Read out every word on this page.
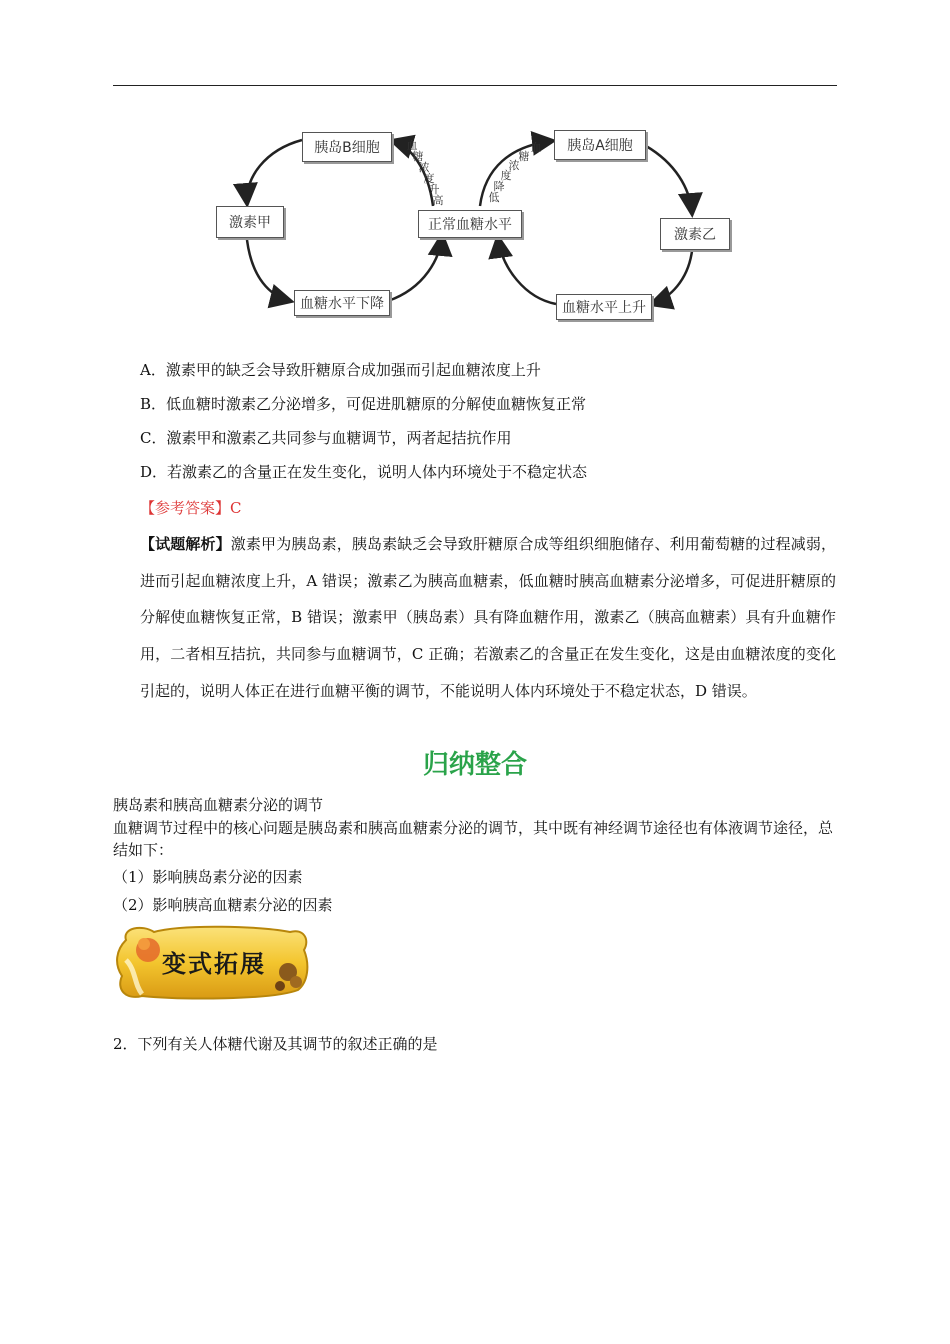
胰岛B细胞	胰岛A细胞
激素甲
激素乙
正常血糖水平
血糖水平下降	血糖水平上升
血
糖
浓
度
升
高
血
糖
浓
度
降
低
A．激素甲的缺乏会导致肝糖原合成加强而引起血糖浓度上升
B．低血糖时激素乙分泌增多，可促进肌糖原的分解使血糖恢复正常
C．激素甲和激素乙共同参与血糖调节，两者起拮抗作用
D．若激素乙的含量正在发生变化，说明人体内环境处于不稳定状态
【参考答案】C
【试题解析】激素甲为胰岛素，胰岛素缺乏会导致肝糖原合成等组织细胞储存、利用葡萄糖的过程减弱，进而引起血糖浓度上升，A 错误；激素乙为胰高血糖素，低血糖时胰高血糖素分泌增多，可促进肝糖原的分解使血糖恢复正常，B 错误；激素甲（胰岛素）具有降血糖作用，激素乙（胰高血糖素）具有升血糖作用，二者相互拮抗，共同参与血糖调节，C 正确；若激素乙的含量正在发生变化，这是由血糖浓度的变化引起的，说明人体正在进行血糖平衡的调节，不能说明人体内环境处于不稳定状态，D 错误。
归纳整合
胰岛素和胰高血糖素分泌的调节
血糖调节过程中的核心问题是胰岛素和胰高血糖素分泌的调节，其中既有神经调节途径也有体液调节途径，总结如下：
（1）影响胰岛素分泌的因素
（2）影响胰高血糖素分泌的因素
变式拓展
2．下列有关人体糖代谢及其调节的叙述正确的是
